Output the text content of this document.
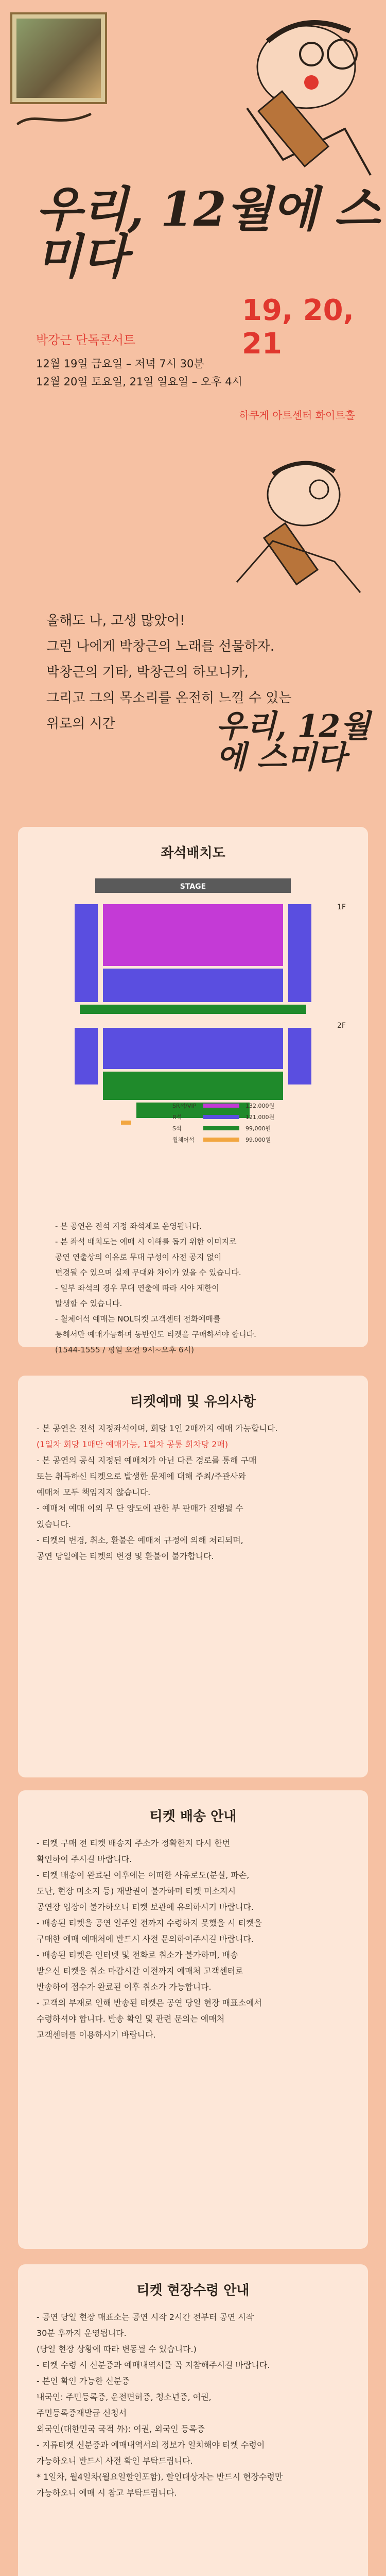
우리, 12월에 스미다
19, 20, 21
박강근 단독콘서트
12월 19일 금요일 – 저녁 7시 30분
12월 20일 토요일, 21일 일요일 – 오후 4시
하쿠게 아트센터 화이트홀
올해도 나, 고생 많았어!
그런 나에게 박창근의 노래를 선물하자.
박창근의 기타, 박창근의 하모니카,
그리고 그의 목소리를 온전히 느낄 수 있는
위로의 시간	우리, 12월에 스미다
좌석배치도
STAGE
1F
2F
SR석/VIP	132,000원
R석	121,000원
S석	99,000원
휠체어석	99,000원
- 본 공연은 전석 지정 좌석제로 운영됩니다.
- 본 좌석 배치도는 예매 시 이해를 돕기 위한 이미지로
공연 연출상의 이유로 무대 구성이 사전 공지 없이
변경될 수 있으며 실제 무대와 차이가 있을 수 있습니다.
- 일부 좌석의 경우 무대 연출에 따라 시야 제한이
발생할 수 있습니다.
- 휠체어석 예매는 NOL티켓 고객센터 전화예매를
통해서만 예매가능하며 동반인도 티켓을 구매하셔야 합니다.
(1544-1555 / 평일 오전 9시~오후 6시)
티켓예매 및 유의사항
- 본 공연은 전석 지정좌석이며, 회당 1인 2매까지 예매 가능합니다.
(1일차 회당 1매만 예매가능, 1일차 공통 회차당 2매)
- 본 공연의 공식 지정된 예매처가 아닌 다른 경로를 통해 구매
또는 취득하신 티켓으로 발생한 문제에 대해 주최/주관사와
예매처 모두 책임지지 않습니다.
- 예매처 예매 이외 무 단 양도에 관한 부 판매가 진행될 수
있습니다.
- 티켓의 변경, 취소, 환불은 예매처 규정에 의해 처리되며,
공연 당일에는 티켓의 변경 및 환불이 불가합니다.
티켓 배송 안내
- 티켓 구매 전 티켓 배송지 주소가 정확한지 다시 한번
확인하여 주시길 바랍니다.
- 티켓 배송이 완료된 이후에는 어떠한 사유로도(분실, 파손,
도난, 현장 미소지 등) 재발권이 불가하며 티켓 미소지시
공연장 입장이 불가하오니 티켓 보관에 유의하시기 바랍니다.
- 배송된 티켓을 공연 일주일 전까지 수령하지 못했을 시 티켓을
구매한 예매 예매처에 반드시 사전 문의하여주시길 바랍니다.
- 배송된 티켓은 인터넷 및 전화로 취소가 불가하며, 배송
받으신 티켓을 취소 마감시간 이전까지 예매처 고객센터로
반송하여 접수가 완료된 이후 취소가 가능합니다.
- 고객의 부재로 인해 반송된 티켓은 공연 당일 현장 매표소에서
수령하셔야 합니다. 반송 확인 및 관련 문의는 예매처
고객센터를 이용하시기 바랍니다.
티켓 현장수령 안내
- 공연 당일 현장 매표소는 공연 시작 2시간 전부터 공연 시작
30분 후까지 운영됩니다.
(당일 현장 상황에 따라 변동될 수 있습니다.)
- 티켓 수령 시 신분증과 예매내역서를 꼭 지참해주시길 바랍니다.
- 본인 확인 가능한 신분증
내국인: 주민등록증, 운전면허증, 청소년증, 여권,
주민등록증재발급 신청서
외국인(대한민국 국적 外): 여권, 외국인 등록증
- 지류티켓 신분증과 예매내역서의 정보가 일치해야 티켓 수령이
가능하오니 반드시 사전 확인 부탁드립니다.
* 1일차, 월4일차(월요일할인포함), 할인대상자는 반드시 현장수령만
가능하오니 예매 시 참고 부탁드립니다.
